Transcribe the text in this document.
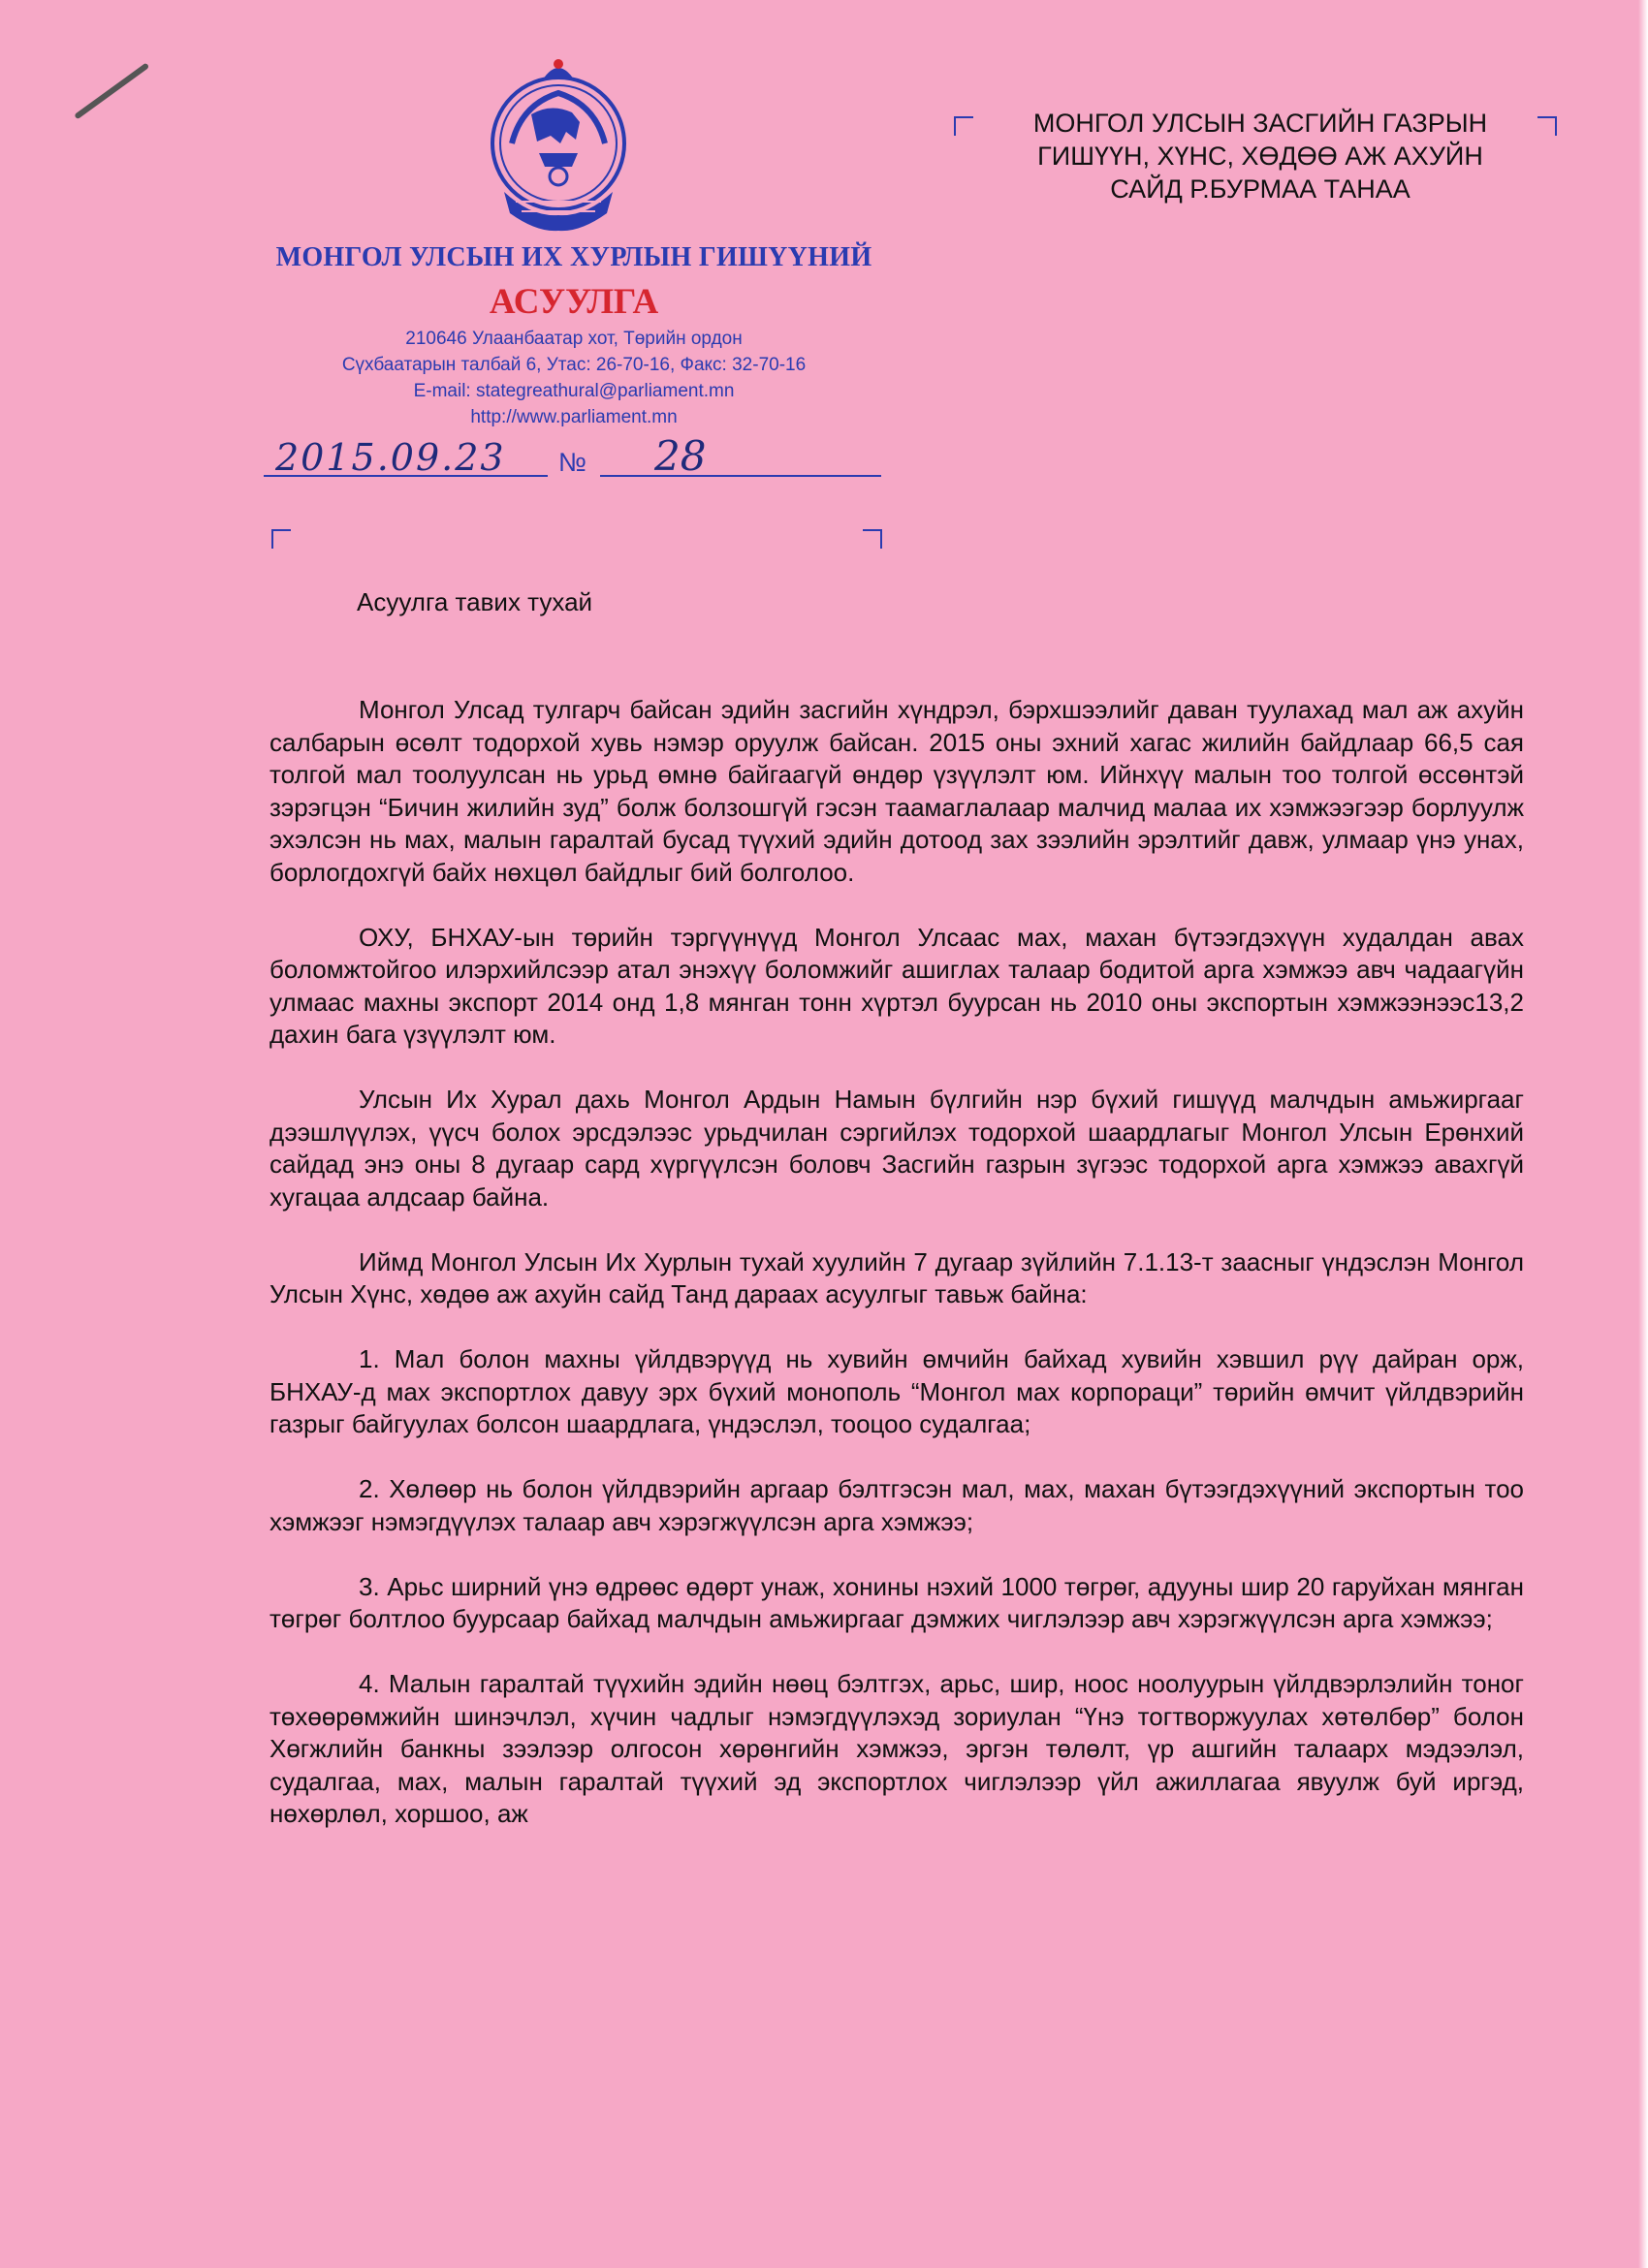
МОНГОЛ УЛСЫН ИХ ХУРЛЫН ГИШҮҮНИЙ
АСУУЛГА
210646 Улаанбаатар хот, Төрийн ордон
Сүхбаатарын талбай 6, Утас: 26-70-16, Факс: 32-70-16
E-mail: stategreathural@parliament.mn
http://www.parliament.mn
2015.09.23 № 28
МОНГОЛ УЛСЫН ЗАСГИЙН ГАЗРЫН
ГИШҮҮН, ХҮНС, ХӨДӨӨ АЖ АХУЙН
САЙД Р.БУРМАА ТАНАА
Асуулга тавих тухай

Монгол Улсад тулгарч байсан эдийн засгийн хүндрэл, бэрхшээлийг даван туулахад мал аж ахуйн салбарын өсөлт тодорхой хувь нэмэр оруулж байсан. 2015 оны эхний хагас жилийн байдлаар 66,5 сая толгой мал тоолуулсан нь урьд өмнө байгаагүй өндөр үзүүлэлт юм. Ийнхүү малын тоо толгой өссөнтэй зэрэгцэн “Бичин жилийн зуд” болж болзошгүй гэсэн таамаглалаар малчид малаа их хэмжээгээр борлуулж эхэлсэн нь мах, малын гаралтай бусад түүхий эдийн дотоод зах зээлийн эрэлтийг давж, улмаар үнэ унах, борлогдохгүй байх нөхцөл байдлыг бий болголоо.

ОХУ, БНХАУ-ын төрийн тэргүүнүүд Монгол Улсаас мах, махан бүтээгдэхүүн худалдан авах боломжтойгоо илэрхийлсээр атал энэхүү боломжийг ашиглах талаар бодитой арга хэмжээ авч чадаагүйн улмаас махны экспорт 2014 онд 1,8 мянган тонн хүртэл буурсан нь 2010 оны экспортын хэмжээнээс13,2 дахин бага үзүүлэлт юм.

Улсын Их Хурал дахь Монгол Ардын Намын бүлгийн нэр бүхий гишүүд малчдын амьжиргааг дээшлүүлэх, үүсч болох эрсдэлээс урьдчилан сэргийлэх тодорхой шаардлагыг Монгол Улсын Ерөнхий сайдад энэ оны 8 дугаар сард хүргүүлсэн боловч Засгийн газрын зүгээс тодорхой арга хэмжээ авахгүй хугацаа алдсаар байна.

Иймд Монгол Улсын Их Хурлын тухай хуулийн 7 дугаар зүйлийн 7.1.13-т заасныг үндэслэн Монгол Улсын Хүнс, хөдөө аж ахуйн сайд Танд дараах асуулгыг тавьж байна:

1. Мал болон махны үйлдвэрүүд нь хувийн өмчийн байхад хувийн хэвшил рүү дайран орж, БНХАУ-д мах экспортлох давуу эрх бүхий монополь “Монгол мах корпораци” төрийн өмчит үйлдвэрийн газрыг байгуулах болсон шаардлага, үндэслэл, тооцоо судалгаа;

2. Хөлөөр нь болон үйлдвэрийн аргаар бэлтгэсэн мал, мах, махан бүтээгдэхүүний экспортын тоо хэмжээг нэмэгдүүлэх талаар авч хэрэгжүүлсэн арга хэмжээ;

3. Арьс ширний үнэ өдрөөс өдөрт унаж, хонины нэхий 1000 төгрөг, адууны шир 20 гаруйхан мянган төгрөг болтлоо буурсаар байхад малчдын амьжиргааг дэмжих чиглэлээр авч хэрэгжүүлсэн арга хэмжээ;

4. Малын гаралтай түүхийн эдийн нөөц бэлтгэх, арьс, шир, ноос ноолуурын үйлдвэрлэлийн тоног төхөөрөмжийн шинэчлэл, хүчин чадлыг нэмэгдүүлэхэд зориулан “Үнэ тогтворжуулах хөтөлбөр” болон Хөгжлийн банкны зээлээр олгосон хөрөнгийн хэмжээ, эргэн төлөлт, үр ашгийн талаарх мэдээлэл, судалгаа, мах, малын гаралтай түүхий эд экспортлох чиглэлээр үйл ажиллагаа явуулж буй иргэд, нөхөрлөл, хоршоо, аж
